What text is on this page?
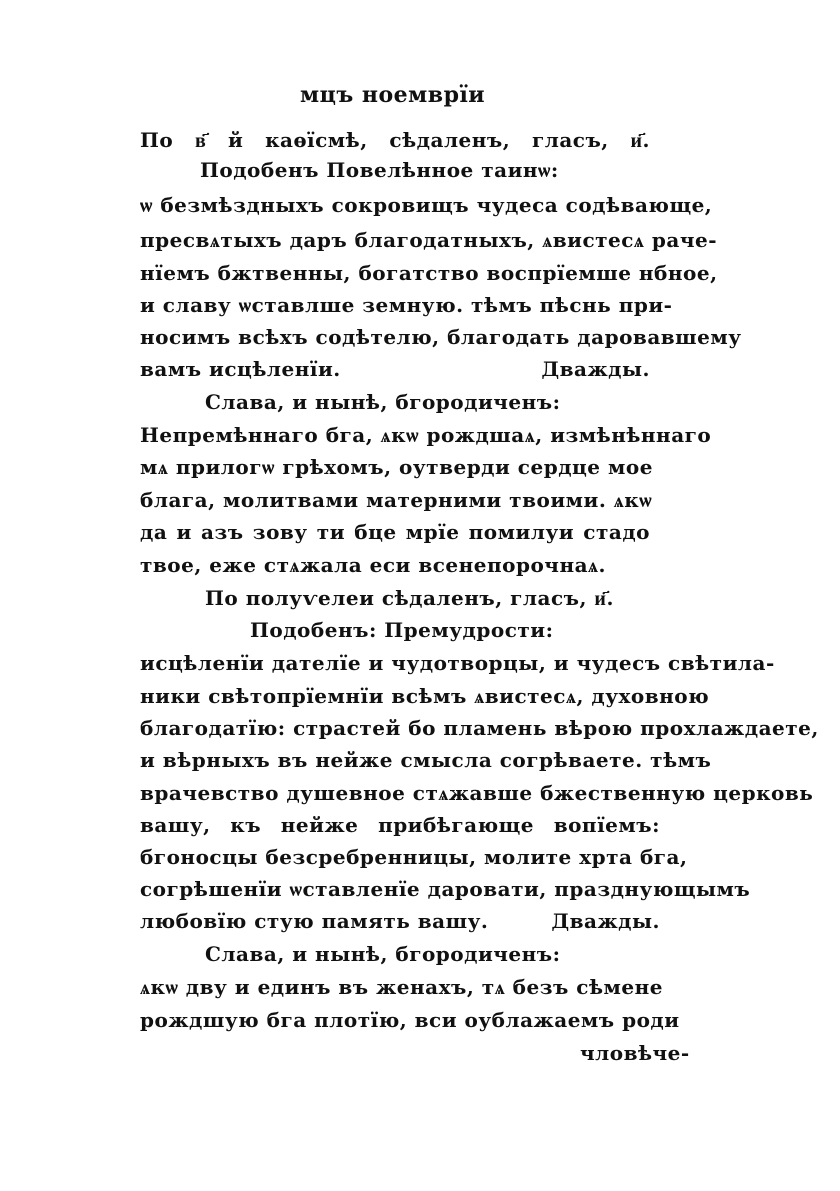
мцъ ноемврїи
По в҃ й каѳїсмѣ, сѣдаленъ, гласъ, и҃.
Подобенъ Повелѣнное таинѡ:
ѡ безмѣздныхъ сокровищъ чудеса содѣвающе,
пресвѧтыхъ даръ благодатныхъ, ѧвистесѧ раче-
нїемъ бжтвенны, богатство воспрїемше нбное,
и славу ѡставлше земную. тѣмъ пѣснь при-
носимъ всѣхъ содѣтелю, благодать даровавшему
вамъ исцѣленїи.	Дважды.
Слава, и нынѣ, бгородиченъ:
Непремѣннаго бга, ѧкѡ рождшаѧ, измѣнѣннаго
мѧ прилогѡ грѣхомъ, оутверди сердце мое
блага, молитвами матерними твоими. ѧкѡ
да и азъ зову ти бце мрїе помилуи стадо
твое, еже стѧжала еси всенепорочнаѧ.
По полуѵелеи сѣдаленъ, гласъ, и҃.
Подобенъ: Премудрости:
исцѣленїи дателїе и чудотворцы, и чудесъ свѣтила-
ники свѣтопрїемнїи всѣмъ ѧвистесѧ, духовною
благодатїю: страстей бо пламень вѣрою прохлаждаете,
и вѣрныхъ въ нейже смысла согрѣваете. тѣмъ
врачевство душевное стѧжавше бжественную церковь
вашу, къ нейже прибѣгающе вопїемъ:
бгоносцы безсребренницы, молите хрта бга,
согрѣшенїи ѡставленїе даровати, празднующымъ
любовїю стую память вашу.	Дважды.
Слава, и нынѣ, бгородиченъ:
ѧкѡ дву и единъ въ женахъ, тѧ безъ сѣмене
рождшую бга плотїю, вси оублажаемъ роди
чловѣче-
